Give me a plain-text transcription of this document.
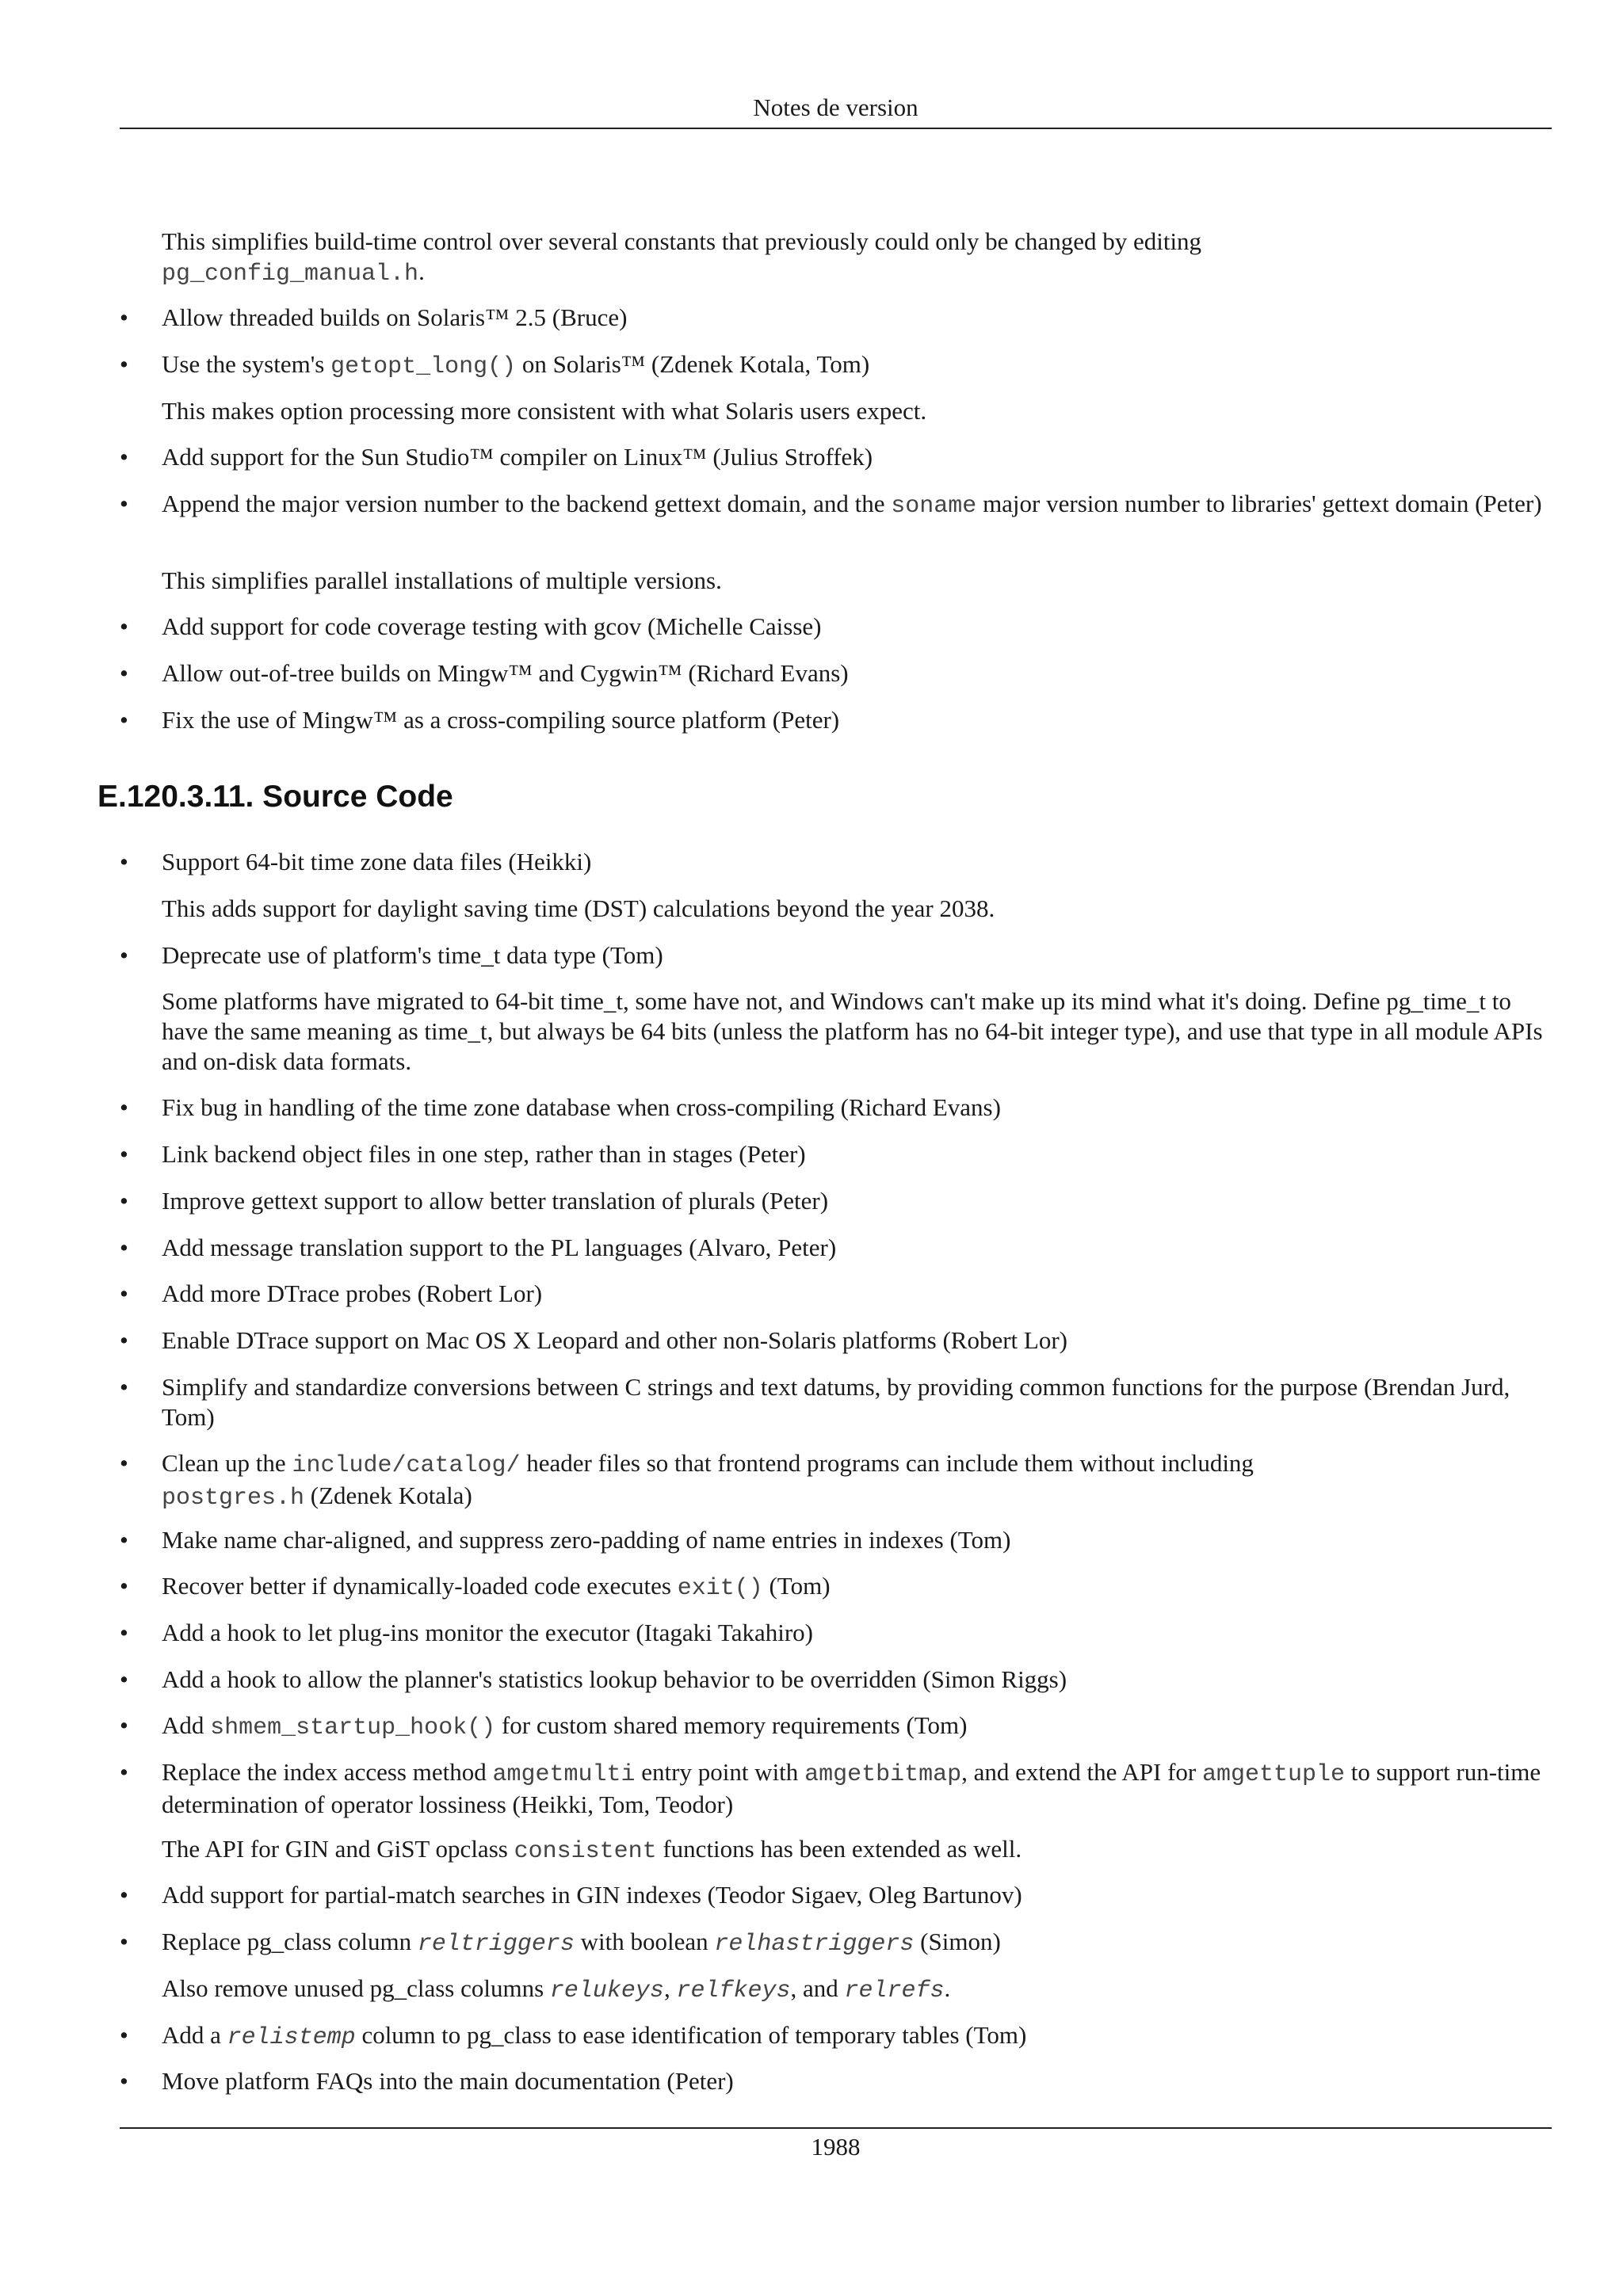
Notes de version
This simplifies build-time control over several constants that previously could only be changed by editing
pg_config_manual.h.
• Allow threaded builds on Solaris™ 2.5 (Bruce)
• Use the system's getopt_long() on Solaris™ (Zdenek Kotala, Tom)
This makes option processing more consistent with what Solaris users expect.
• Add support for the Sun Studio™ compiler on Linux™ (Julius Stroffek)
• Append the major version number to the backend gettext domain, and the soname major version number to libraries' gettext domain (Peter)
This simplifies parallel installations of multiple versions.
• Add support for code coverage testing with gcov (Michelle Caisse)
• Allow out-of-tree builds on Mingw™ and Cygwin™ (Richard Evans)
• Fix the use of Mingw™ as a cross-compiling source platform (Peter)
E.120.3.11. Source Code
• Support 64-bit time zone data files (Heikki)
This adds support for daylight saving time (DST) calculations beyond the year 2038.
• Deprecate use of platform's time_t data type (Tom)
Some platforms have migrated to 64-bit time_t, some have not, and Windows can't make up its mind what it's doing. Define pg_time_t to have the same meaning as time_t, but always be 64 bits (unless the platform has no 64-bit integer type), and use that type in all module APIs and on-disk data formats.
• Fix bug in handling of the time zone database when cross-compiling (Richard Evans)
• Link backend object files in one step, rather than in stages (Peter)
• Improve gettext support to allow better translation of plurals (Peter)
• Add message translation support to the PL languages (Alvaro, Peter)
• Add more DTrace probes (Robert Lor)
• Enable DTrace support on Mac OS X Leopard and other non-Solaris platforms (Robert Lor)
• Simplify and standardize conversions between C strings and text datums, by providing common functions for the purpose (Brendan Jurd, Tom)
• Clean up the include/catalog/ header files so that frontend programs can include them without including
postgres.h (Zdenek Kotala)
• Make name char-aligned, and suppress zero-padding of name entries in indexes (Tom)
• Recover better if dynamically-loaded code executes exit() (Tom)
• Add a hook to let plug-ins monitor the executor (Itagaki Takahiro)
• Add a hook to allow the planner's statistics lookup behavior to be overridden (Simon Riggs)
• Add shmem_startup_hook() for custom shared memory requirements (Tom)
• Replace the index access method amgetmulti entry point with amgetbitmap, and extend the API for amgettuple to support run-time determination of operator lossiness (Heikki, Tom, Teodor)
The API for GIN and GiST opclass consistent functions has been extended as well.
• Add support for partial-match searches in GIN indexes (Teodor Sigaev, Oleg Bartunov)
• Replace pg_class column reltriggers with boolean relhastriggers (Simon)
Also remove unused pg_class columns relukeys, relfkeys, and relrefs.
• Add a relistemp column to pg_class to ease identification of temporary tables (Tom)
• Move platform FAQs into the main documentation (Peter)
1988
